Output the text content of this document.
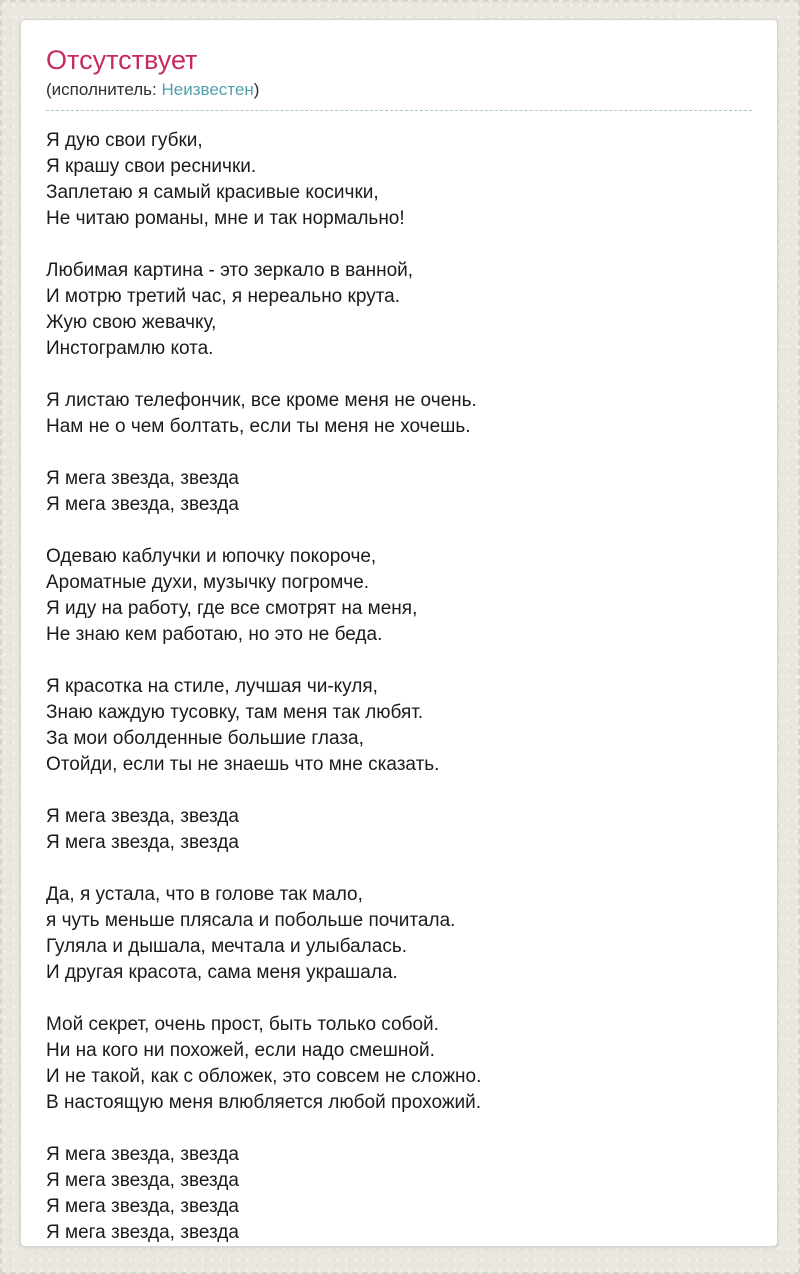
Отсутствует
(исполнитель: Неизвестен)

Я дую свои губки,
Я крашу свои реснички.
Заплетаю я самый красивые косички,
Не читаю романы, мне и так нормально!

Любимая картина - это зеркало в ванной,
И мотрю третий час, я нереально крута.
Жую свою жевачку,
Инстограмлю кота.

Я листаю телефончик, все кроме меня не очень.
Нам не о чем болтать, если ты меня не хочешь.

Я мега звезда, звезда
Я мега звезда, звезда

Одеваю каблучки и юпочку покороче,
Ароматные духи, музычку погромче.
Я иду на работу, где все смотрят на меня,
Не знаю кем работаю, но это не беда.

Я красотка на стиле, лучшая чи-куля,
Знаю каждую тусовку, там меня так любят.
За мои оболденные большие глаза,
Отойди, если ты не знаешь что мне сказать.

Я мега звезда, звезда
Я мега звезда, звезда

Да, я устала, что в голове так мало,
я чуть меньше плясала и побольше почитала.
Гуляла и дышала, мечтала и улыбалась.
И другая красота, сама меня украшала.

Мой секрет, очень прост, быть только собой.
Ни на кого ни похожей, если надо смешной.
И не такой, как с обложек, это совсем не сложно.
В настоящую меня влюбляется любой прохожий.

Я мега звезда, звезда
Я мега звезда, звезда
Я мега звезда, звезда
Я мега звезда, звезда
